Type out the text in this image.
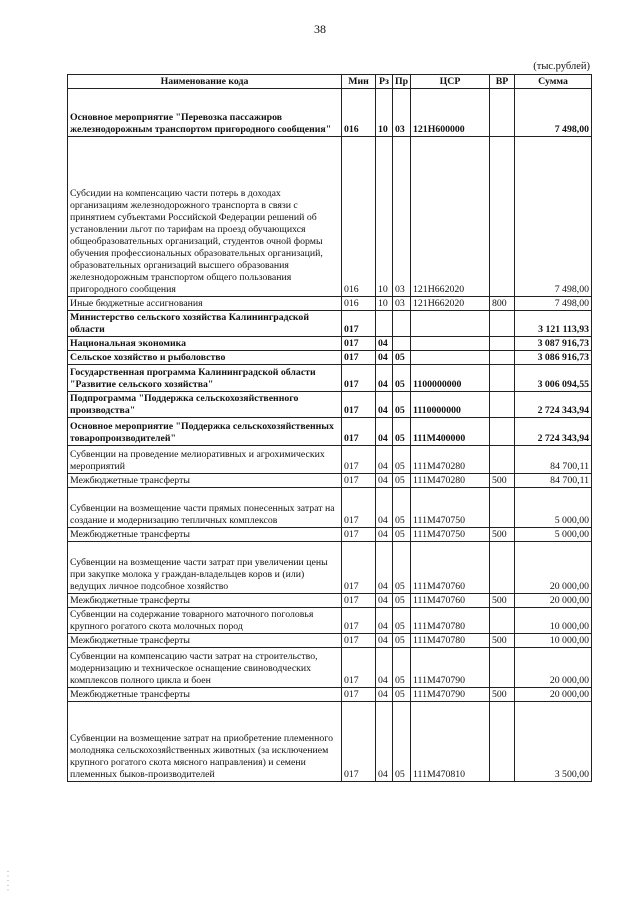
38
(тыс.рублей)
Наименование кода	Мин	Рз	Пр	ЦСР	ВР	Сумма
Основное мероприятие "Перевозка пассажиров железнодорожным транспортом пригородного сообщения"	016	10	03	121Н600000		7 498,00
Субсидии на компенсацию части потерь в доходах организациям железнодорожного транспорта в связи с принятием субъектами Российской Федерации решений об установлении льгот по тарифам на проезд обучающихся общеобразовательных организаций, студентов очной формы обучения профессиональных образовательных организаций, образовательных организаций высшего образования железнодорожным транспортом общего пользования пригородного сообщения	016	10	03	121Н662020		7 498,00
Иные бюджетные ассигнования	016	10	03	121Н662020	800	7 498,00
Министерство сельского хозяйства Калининградской области	017					3 121 113,93
Национальная экономика	017	04				3 087 916,73
Сельское хозяйство и рыболовство	017	04	05			3 086 916,73
Государственная программа Калининградской области "Развитие сельского хозяйства"	017	04	05	1100000000		3 006 094,55
Подпрограмма "Поддержка сельскохозяйственного производства"	017	04	05	1110000000		2 724 343,94
Основное мероприятие "Поддержка сельскохозяйственных товаропроизводителей"	017	04	05	111М400000		2 724 343,94
Субвенции на проведение мелиоративных и агрохимических мероприятий	017	04	05	111М470280		84 700,11
Межбюджетные трансферты	017	04	05	111М470280	500	84 700,11
Субвенции на возмещение части прямых понесенных затрат на создание и модернизацию тепличных комплексов	017	04	05	111М470750		5 000,00
Межбюджетные трансферты	017	04	05	111М470750	500	5 000,00
Субвенции на возмещение части затрат при увеличении цены при закупке молока у граждан-владельцев коров и (или) ведущих личное подсобное хозяйство	017	04	05	111М470760		20 000,00
Межбюджетные трансферты	017	04	05	111М470760	500	20 000,00
Субвенции на содержание товарного маточного поголовья крупного рогатого скота молочных пород	017	04	05	111М470780		10 000,00
Межбюджетные трансферты	017	04	05	111М470780	500	10 000,00
Субвенции на компенсацию части затрат на строительство, модернизацию и техническое оснащение свиноводческих комплексов полного цикла и боен	017	04	05	111М470790		20 000,00
Межбюджетные трансферты	017	04	05	111М470790	500	20 000,00
Субвенции на возмещение затрат на приобретение племенного молодняка сельскохозяйственных животных (за исключением крупного рогатого скота мясного направления) и семени племенных быков-производителей	017	04	05	111М470810		3 500,00
· · · · ·
